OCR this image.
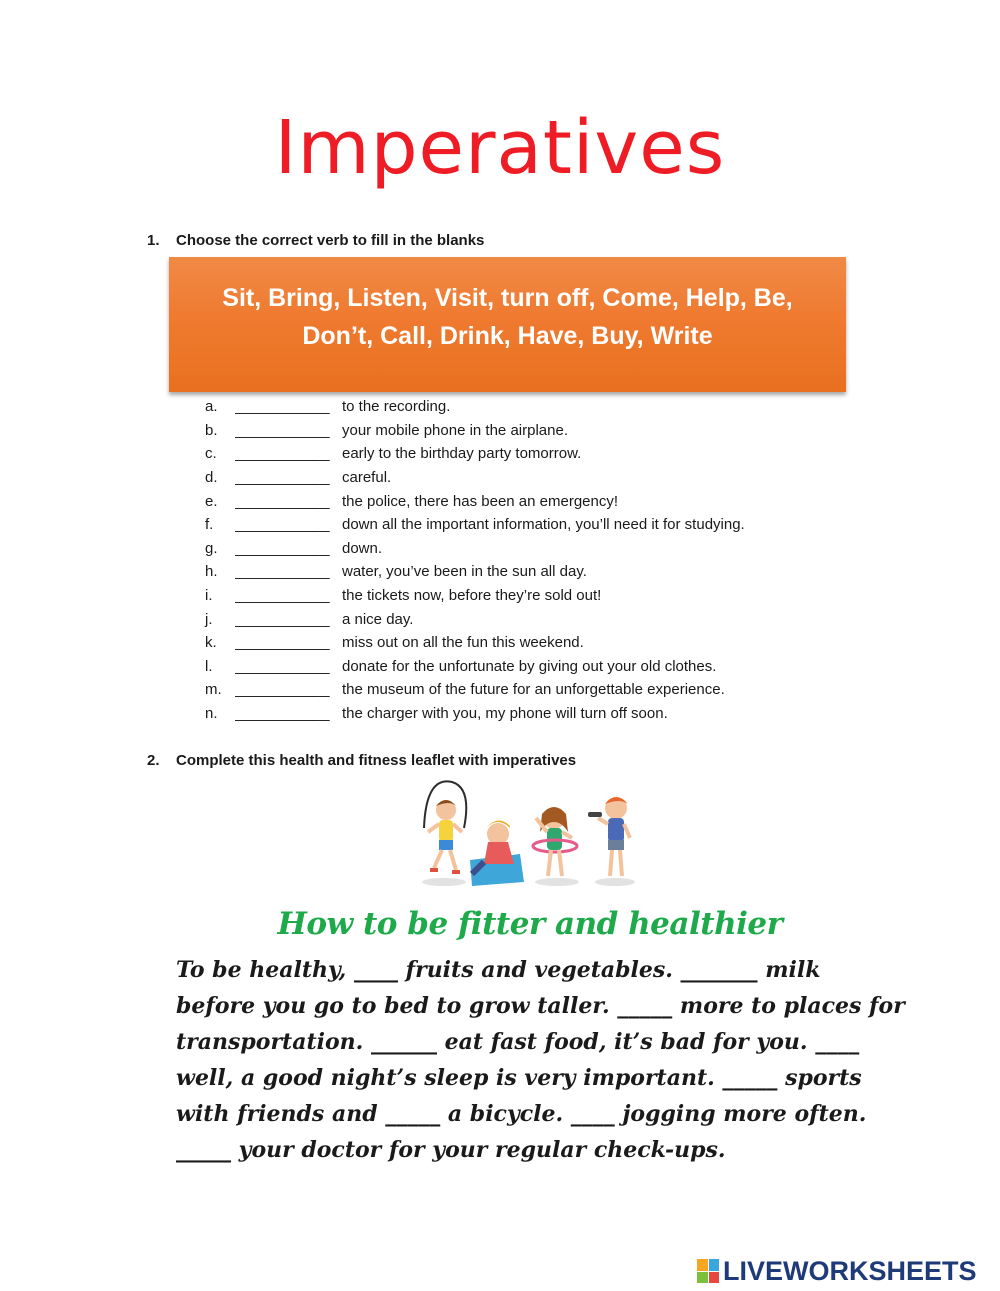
Imperatives
1.	Choose the correct verb to fill in the blanks
Sit, Bring, Listen, Visit, turn off, Come, Help, Be, Don’t, Call, Drink, Have, Buy, Write
a.	____________ to the recording.
b.	____________ your mobile phone in the airplane.
c.	____________ early to the birthday party tomorrow.
d.	____________ careful.
e.	____________ the police, there has been an emergency!
f.	____________ down all the important information, you’ll need it for studying.
g.	____________ down.
h.	____________ water, you’ve been in the sun all day.
i.	____________ the tickets now, before they’re sold out!
j.	____________ a nice day.
k.	____________ miss out on all the fun this weekend.
l.	____________ donate for the unfortunate by giving out your old clothes.
m. ____________ the museum of the future for an unforgettable experience.
n.	____________ the charger with you, my phone will turn off soon.
2.	Complete this health and fitness leaflet with imperatives
How to be fitter and healthier
To be healthy, ____ fruits and vegetables. _______ milk
before you go to bed to grow taller. _____ more to places for
transportation. ______ eat fast food, it’s bad for you. ____
well, a good night’s sleep is very important. _____ sports
with friends and _____ a bicycle. ____ jogging more often.
_____ your doctor for your regular check-ups.
LIVEWORKSHEETS
